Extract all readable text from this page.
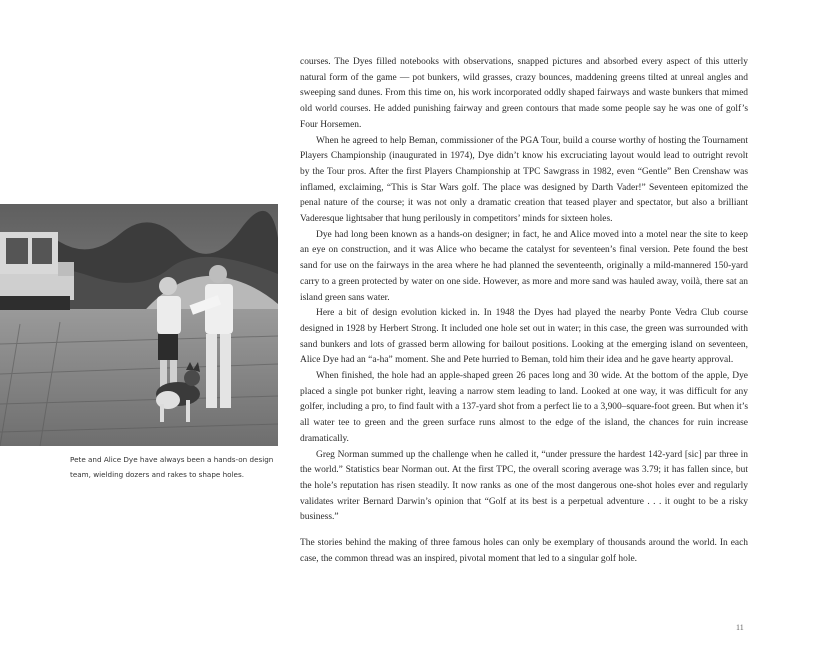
Pete and Alice Dye have always been a hands-on design team, wielding dozers and rakes to shape holes.

courses. The Dyes filled notebooks with observations, snapped pictures and absorbed every aspect of this utterly natural form of the game — pot bunkers, wild grasses, crazy bounces, maddening greens tilted at unreal angles and sweeping sand dunes. From this time on, his work incorporated oddly shaped fairways and waste bunkers that mimed old world courses. He added punishing fairway and green contours that made some people say he was one of golf’s Four Horsemen.

When he agreed to help Beman, commissioner of the PGA Tour, build a course worthy of hosting the Tournament Players Championship (inaugurated in 1974), Dye didn’t know his excruciating layout would lead to outright revolt by the Tour pros. After the first Players Championship at TPC Sawgrass in 1982, even “Gentle” Ben Crenshaw was inflamed, exclaiming, “This is Star Wars golf. The place was designed by Darth Vader!” Seventeen epitomized the penal nature of the course; it was not only a dramatic creation that teased player and spectator, but also a brilliant Vaderesque lightsaber that hung perilously in competitors’ minds for sixteen holes.

Dye had long been known as a hands-on designer; in fact, he and Alice moved into a motel near the site to keep an eye on construction, and it was Alice who became the catalyst for seventeen’s final version. Pete found the best sand for use on the fairways in the area where he had planned the seventeenth, originally a mild-mannered 150-yard carry to a green protected by water on one side. However, as more and more sand was hauled away, voilà, there sat an island green sans water.

Here a bit of design evolution kicked in. In 1948 the Dyes had played the nearby Ponte Vedra Club course designed in 1928 by Herbert Strong. It included one hole set out in water; in this case, the green was surrounded with sand bunkers and lots of grassed berm allowing for bailout positions. Looking at the emerging island on seventeen, Alice Dye had an “a-ha” moment. She and Pete hurried to Beman, told him their idea and he gave hearty approval.

When finished, the hole had an apple-shaped green 26 paces long and 30 wide. At the bottom of the apple, Dye placed a single pot bunker right, leaving a narrow stem leading to land. Looked at one way, it was difficult for any golfer, including a pro, to find fault with a 137-yard shot from a perfect lie to a 3,900–square-foot green. But when it’s all water tee to green and the green surface runs almost to the edge of the island, the chances for ruin increase dramatically.

Greg Norman summed up the challenge when he called it, “under pressure the hardest 142-yard [sic] par three in the world.” Statistics bear Norman out. At the first TPC, the overall scoring average was 3.79; it has fallen since, but the hole’s reputation has risen steadily. It now ranks as one of the most dangerous one-shot holes ever and regularly validates writer Bernard Darwin’s opinion that “Golf at its best is a perpetual adventure . . . it ought to be a risky business.”

The stories behind the making of three famous holes can only be exemplary of thousands around the world. In each case, the common thread was an inspired, pivotal moment that led to a singular golf hole.

11
